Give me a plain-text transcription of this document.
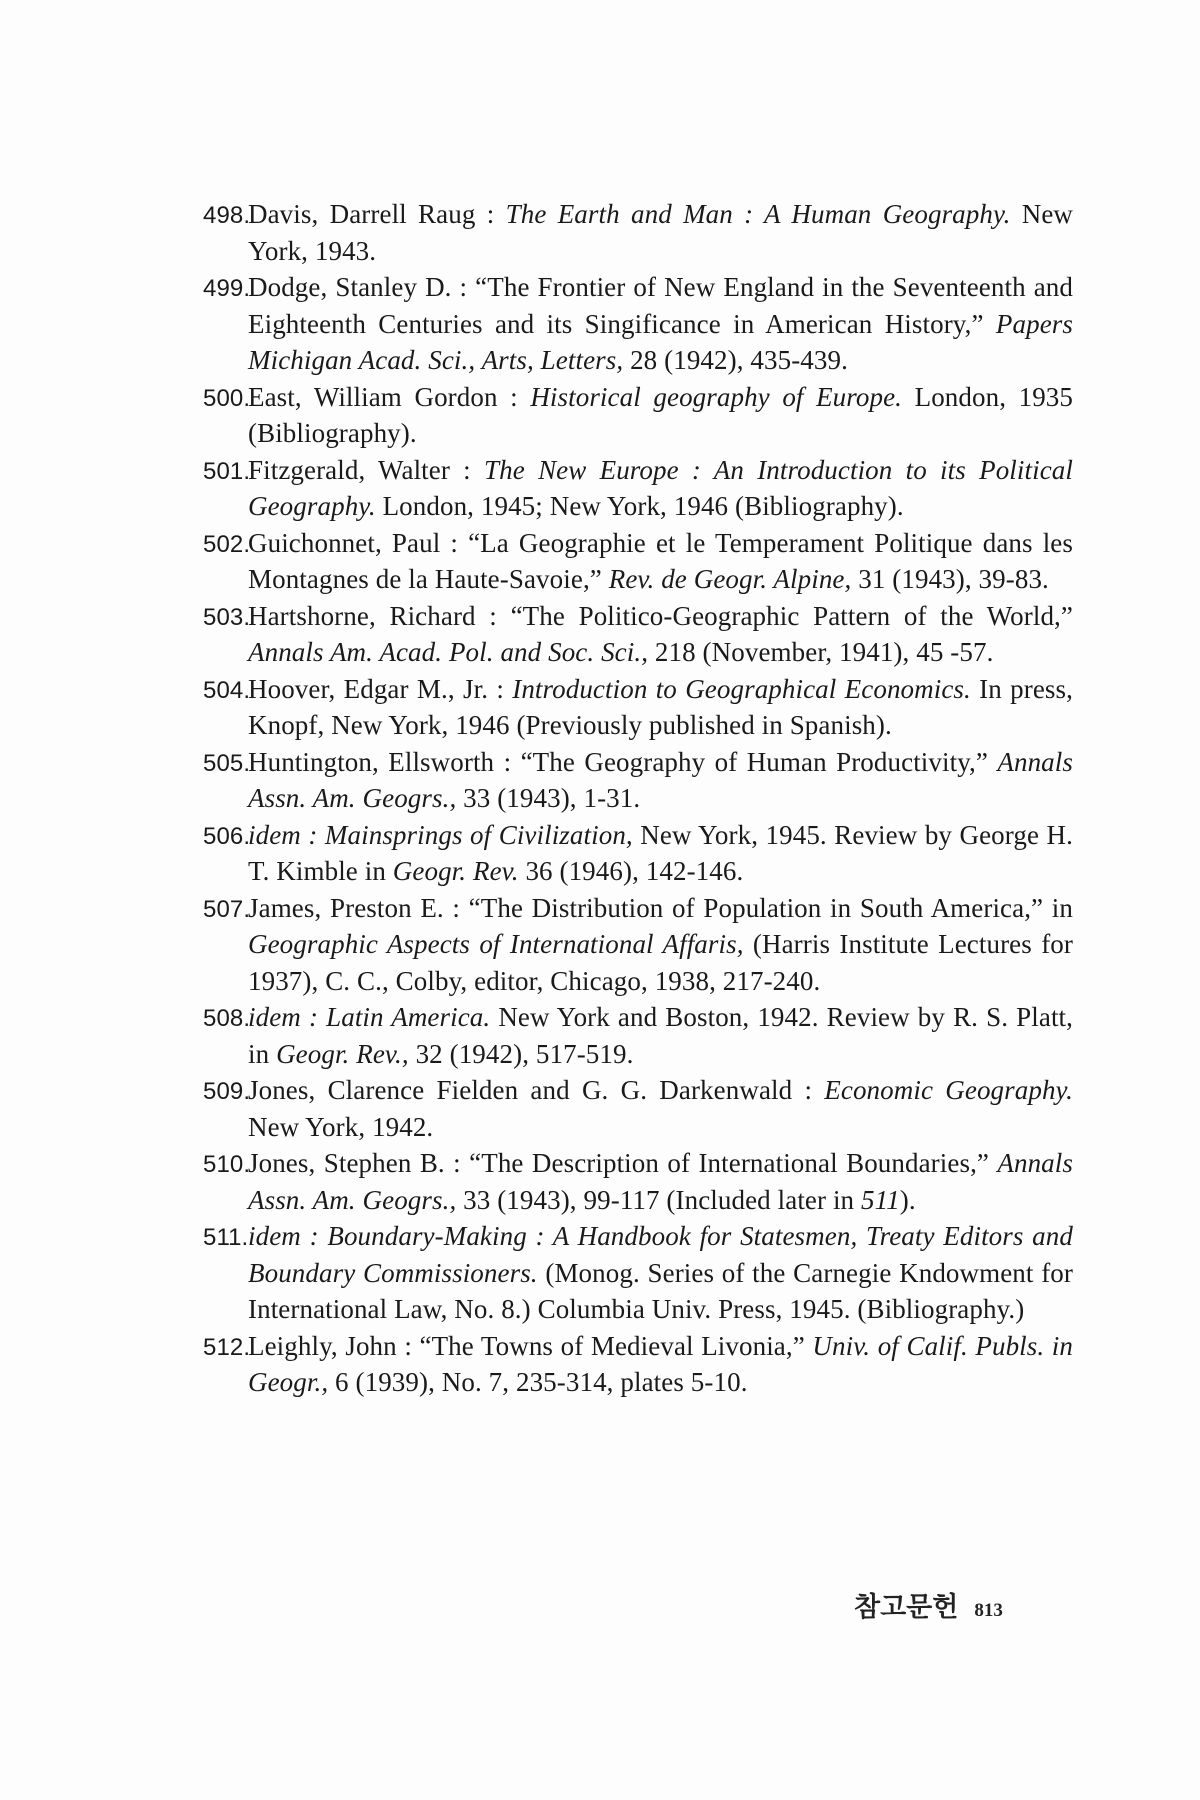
498.

Davis, Darrell Raug : The Earth and Man : A Human Geography. New York, 1943.

499.

Dodge, Stanley D. : “The Frontier of New England in the Seventeenth and Eighteenth Centuries and its Singificance in American History,” Papers Michigan Acad. Sci., Arts, Letters, 28 (1942), 435-439.

500.

East, William Gordon : Historical geography of Europe. London, 1935 (Bibliography).

501.

Fitzgerald, Walter : The New Europe : An Introduction to its Political Geography. London, 1945; New York, 1946 (Bibliography).

502.

Guichonnet, Paul : “La Geographie et le Temperament Politique dans les Montagnes de la Haute-Savoie,” Rev. de Geogr. Alpine, 31 (1943), 39-83.

503.

Hartshorne, Richard : “The Politico-Geographic Pattern of the World,” Annals Am. Acad. Pol. and Soc. Sci., 218 (November, 1941), 45 -57.

504.

Hoover, Edgar M., Jr. : Introduction to Geographical Economics. In press, Knopf, New York, 1946 (Previously published in Spanish).

505.

Huntington, Ellsworth : “The Geography of Human Productivity,” Annals Assn. Am. Geogrs., 33 (1943), 1-31.

506.

idem : Mainsprings of Civilization, New York, 1945. Review by George H. T. Kimble in Geogr. Rev. 36 (1946), 142-146.

507.

James, Preston E. : “The Distribution of Population in South America,” in Geographic Aspects of International Affaris, (Harris Institute Lectures for 1937), C. C., Colby, editor, Chicago, 1938, 217-240.

508.

idem : Latin America. New York and Boston, 1942. Review by R. S. Platt, in Geogr. Rev., 32 (1942), 517-519.

509.

Jones, Clarence Fielden and G. G. Darkenwald : Economic Geography. New York, 1942.

510.

Jones, Stephen B. : “The Description of International Boundaries,” Annals Assn. Am. Geogrs., 33 (1943), 99-117 (Included later in 511).

511. idem : Boundary-Making : A Handbook for Statesmen, Treaty Editors and Boundary Commissioners. (Monog. Series of the Carnegie Kndowment for International Law, No. 8.) Columbia Univ. Press, 1945. (Bibliography.)

512.

Leighly, John : “The Towns of Medieval Livonia,” Univ. of Calif. Publs. in Geogr., 6 (1939), No. 7, 235-314, plates 5-10.

참고문헌 813
